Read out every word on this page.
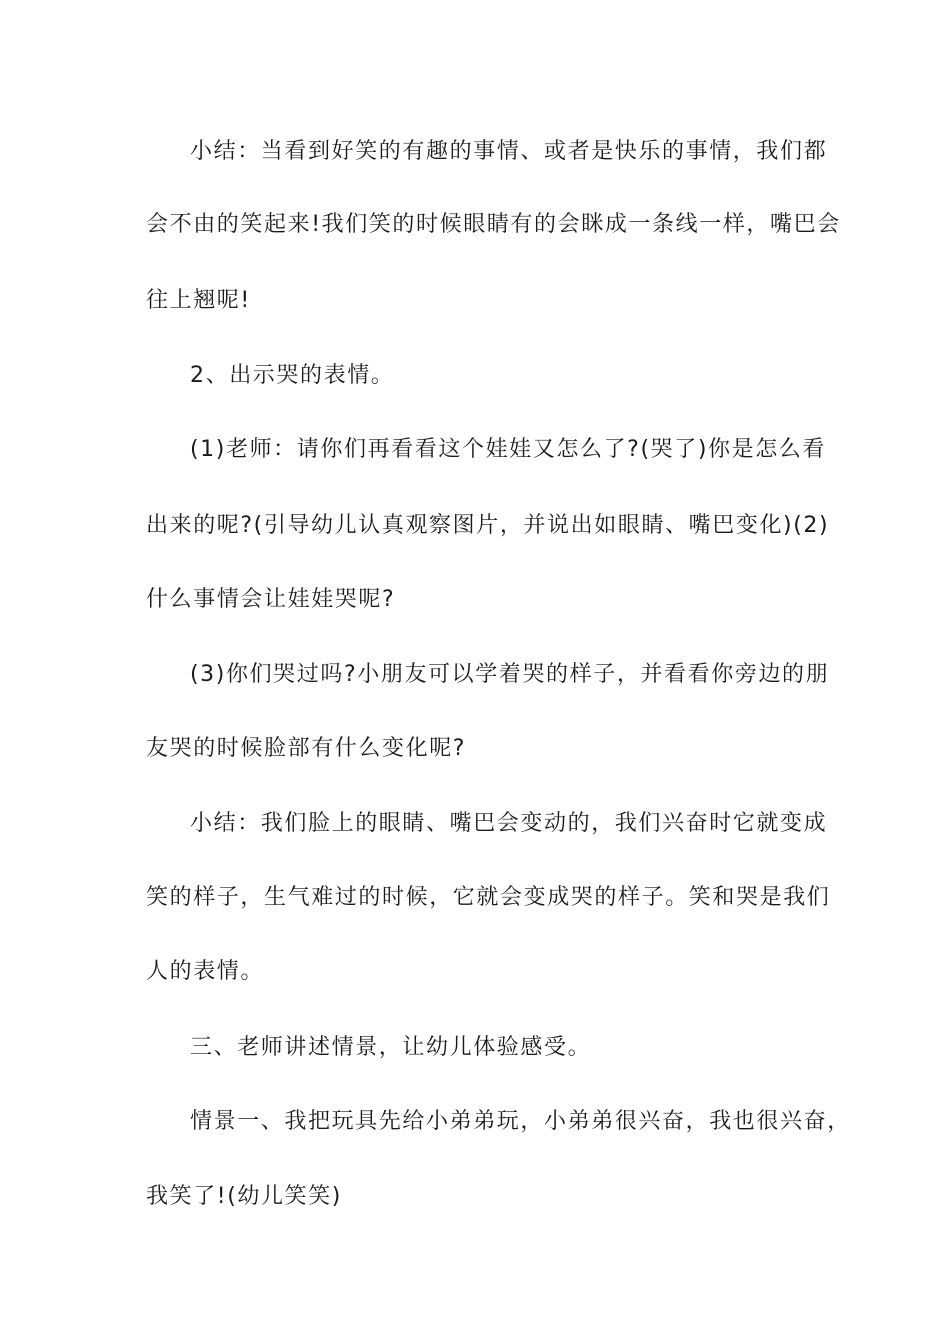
小结：当看到好笑的有趣的事情、或者是快乐的事情，我们都

会不由的笑起来!我们笑的时候眼睛有的会眯成一条线一样，嘴巴会

往上翘呢!

2、出示哭的表情。

(1)老师：请你们再看看这个娃娃又怎么了?(哭了)你是怎么看

出来的呢?(引导幼儿认真观察图片，并说出如眼睛、嘴巴变化)(2)

什么事情会让娃娃哭呢?

(3)你们哭过吗?小朋友可以学着哭的样子，并看看你旁边的朋

友哭的时候脸部有什么变化呢?

小结：我们脸上的眼睛、嘴巴会变动的，我们兴奋时它就变成

笑的样子，生气难过的时候，它就会变成哭的样子。笑和哭是我们

人的表情。

三、老师讲述情景，让幼儿体验感受。

情景一、我把玩具先给小弟弟玩，小弟弟很兴奋，我也很兴奋，

我笑了!(幼儿笑笑)
